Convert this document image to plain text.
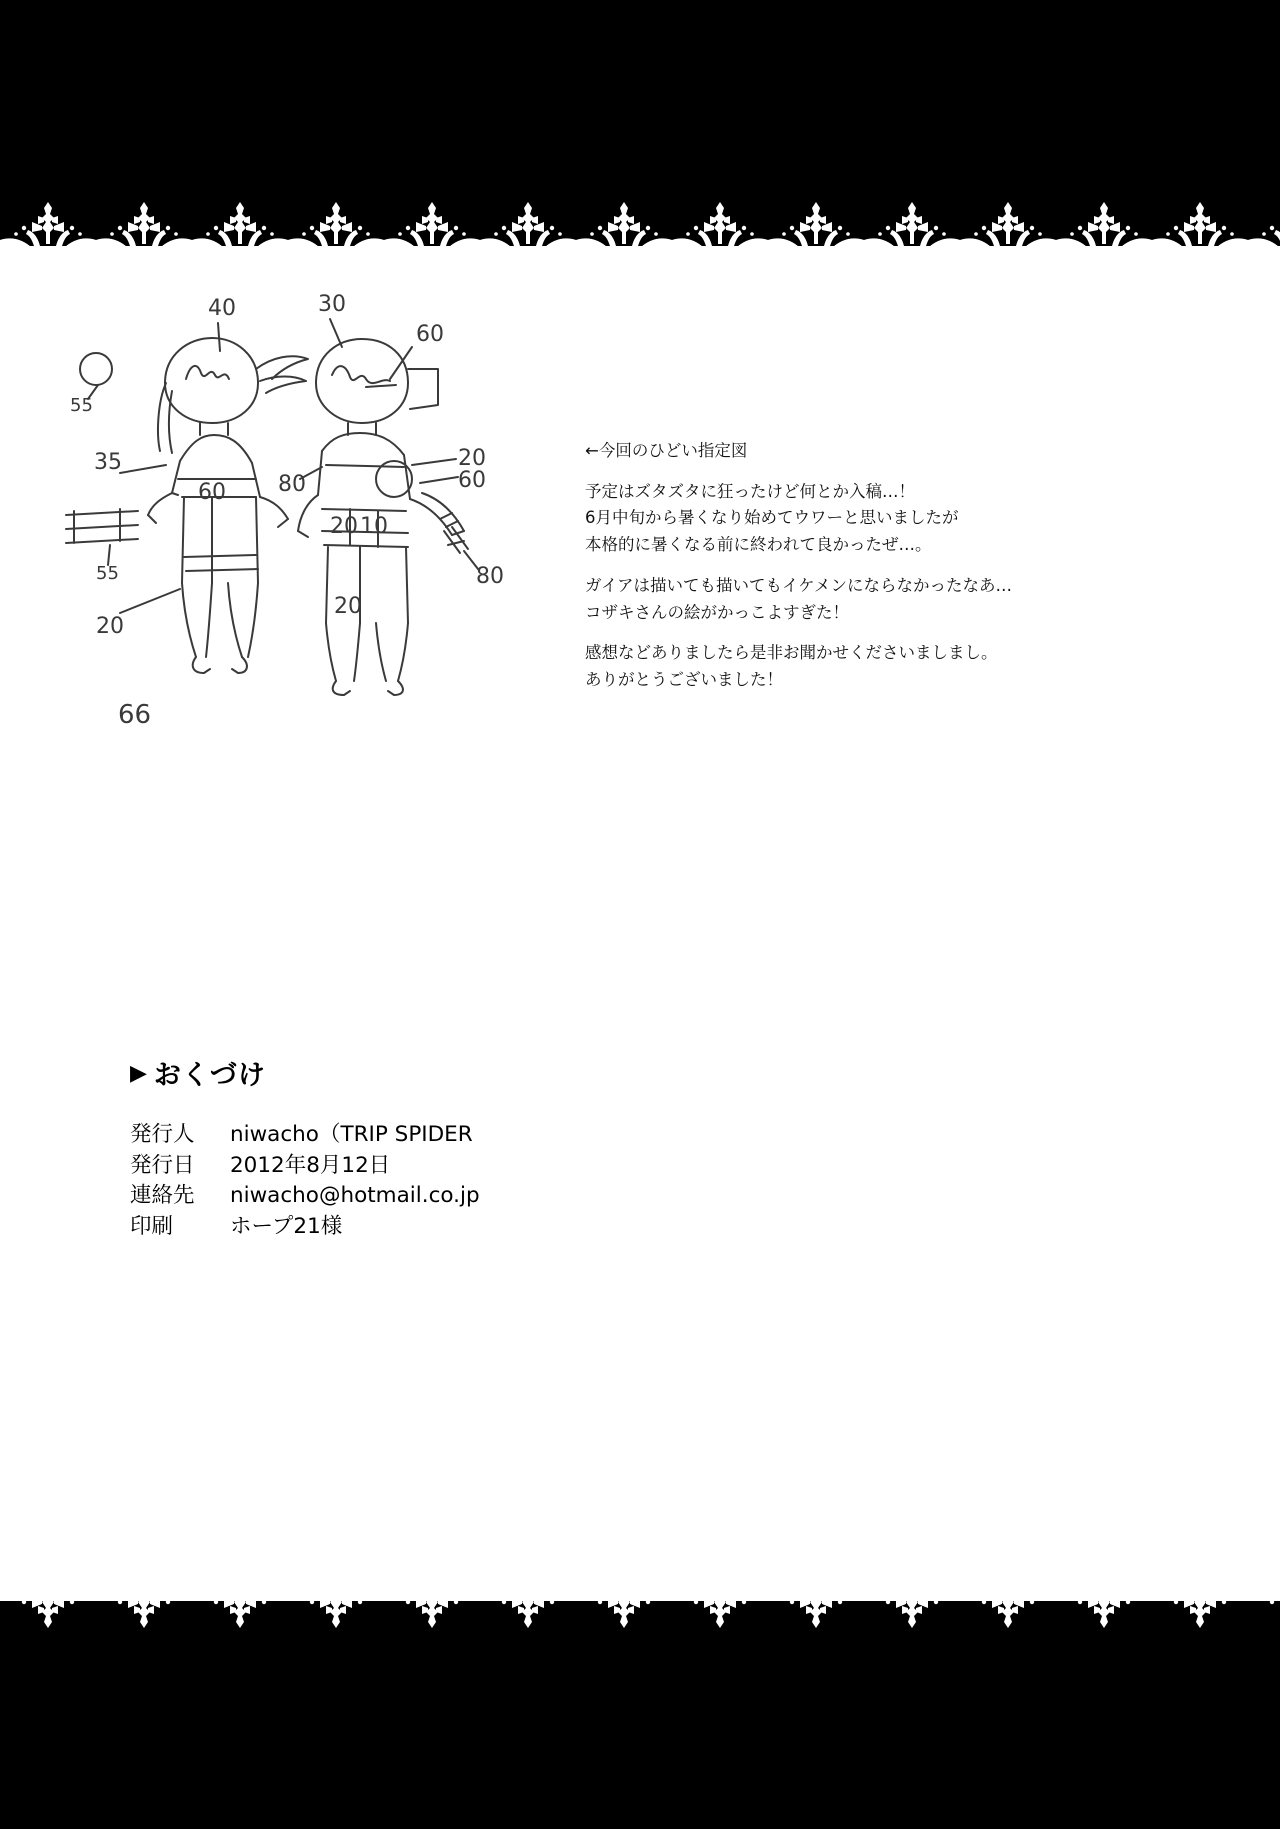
40	30
60
55
35
60 80
55
20
20
60
20 10
80
20
66
←今回のひどい指定図
予定はズタズタに狂ったけど何とか入稿…！
6月中旬から暑くなり始めてウワーと思いましたが
本格的に暑くなる前に終われて良かったぜ…。
ガイアは描いても描いてもイケメンにならなかったなあ…
コザキさんの絵がかっこよすぎた！
感想などありましたら是非お聞かせくださいましまし。
ありがとうございました！
▶ おくづけ
発行人	niwacho（TRIP SPIDER
発行日	2012年8月12日
連絡先	niwacho@hotmail.co.jp
印刷	ホープ21様
